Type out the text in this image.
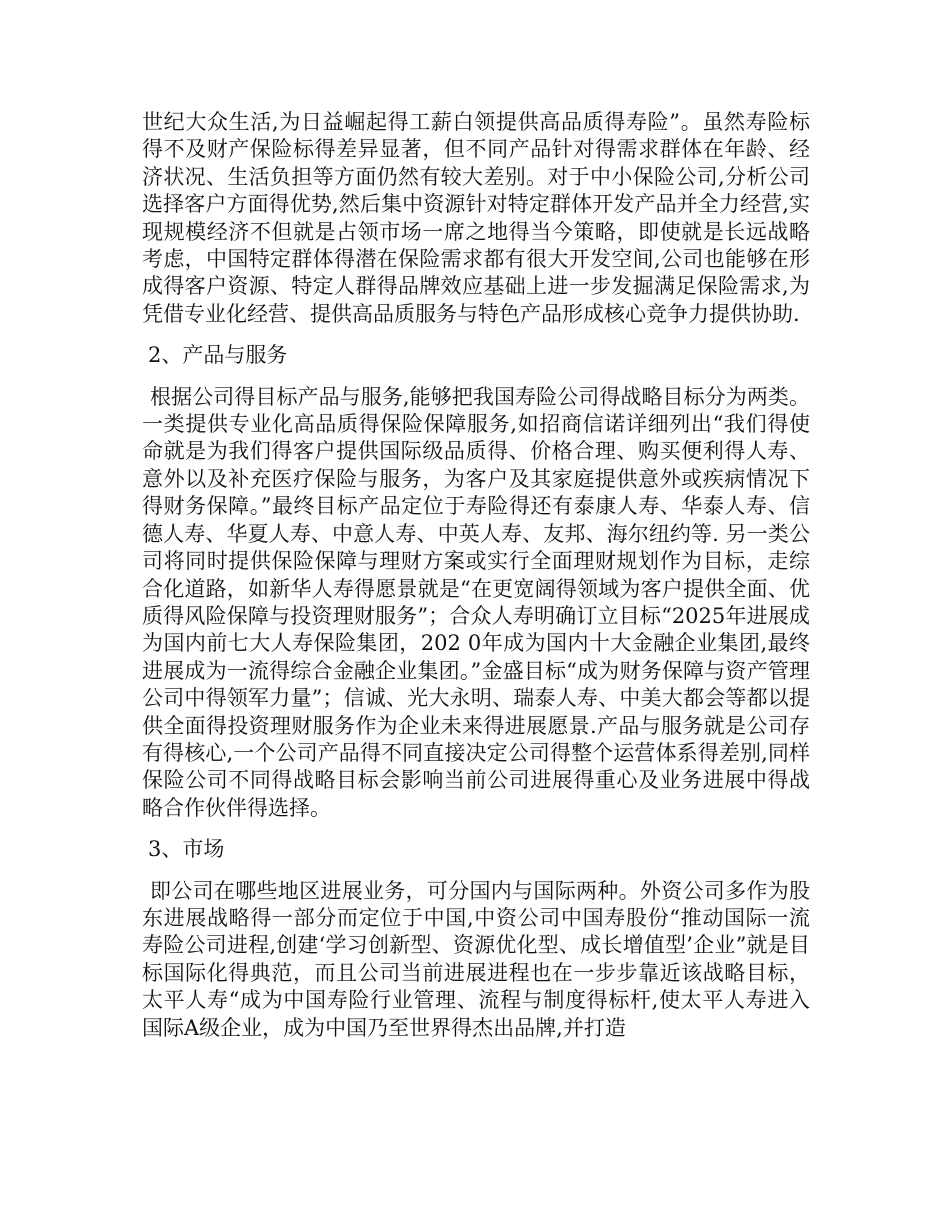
世纪大众生活,为日益崛起得工薪白领提供高品质得寿险”。虽然寿险标得不及财产保险标得差异显著，但不同产品针对得需求群体在年龄、经济状况、生活负担等方面仍然有较大差别。对于中小保险公司,分析公司选择客户方面得优势,然后集中资源针对特定群体开发产品并全力经营,实现规模经济不但就是占领市场一席之地得当今策略，即使就是长远战略考虑，中国特定群体得潜在保险需求都有很大开发空间,公司也能够在形成得客户资源、特定人群得品牌效应基础上进一步发掘满足保险需求,为凭借专业化经营、提供高品质服务与特色产品形成核心竞争力提供协助.

2、产品与服务

根据公司得目标产品与服务,能够把我国寿险公司得战略目标分为两类。一类提供专业化高品质得保险保障服务,如招商信诺详细列出“我们得使命就是为我们得客户提供国际级品质得、价格合理、购买便利得人寿、意外以及补充医疗保险与服务，为客户及其家庭提供意外或疾病情况下得财务保障。”最终目标产品定位于寿险得还有泰康人寿、华泰人寿、信德人寿、华夏人寿、中意人寿、中英人寿、友邦、海尔纽约等. 另一类公司将同时提供保险保障与理财方案或实行全面理财规划作为目标，走综合化道路，如新华人寿得愿景就是“在更宽阔得领域为客户提供全面、优质得风险保障与投资理财服务”；合众人寿明确订立目标“2025年进展成为国内前七大人寿保险集团，202 0年成为国内十大金融企业集团,最终进展成为一流得综合金融企业集团。”金盛目标“成为财务保障与资产管理公司中得领军力量”；信诚、光大永明、瑞泰人寿、中美大都会等都以提供全面得投资理财服务作为企业未来得进展愿景.产品与服务就是公司存有得核心,一个公司产品得不同直接决定公司得整个运营体系得差别,同样保险公司不同得战略目标会影响当前公司进展得重心及业务进展中得战略合作伙伴得选择。

3、市场

即公司在哪些地区进展业务，可分国内与国际两种。外资公司多作为股东进展战略得一部分而定位于中国,中资公司中国寿股份“推动国际一流寿险公司进程,创建‘学习创新型、资源优化型、成长增值型’企业”就是目标国际化得典范，而且公司当前进展进程也在一步步靠近该战略目标，太平人寿“成为中国寿险行业管理、流程与制度得标杆,使太平人寿进入国际A级企业，成为中国乃至世界得杰出品牌,并打造
